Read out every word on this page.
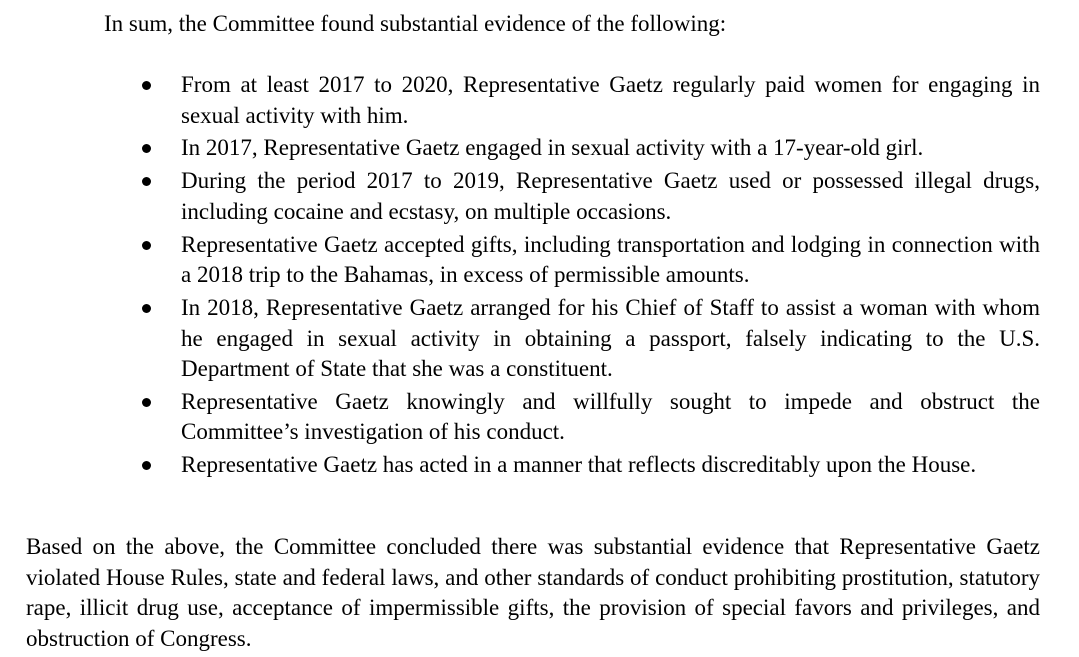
In sum, the Committee found substantial evidence of the following:

From at least 2017 to 2020, Representative Gaetz regularly paid women for engaging in sexual activity with him.
In 2017, Representative Gaetz engaged in sexual activity with a 17-year-old girl.
During the period 2017 to 2019, Representative Gaetz used or possessed illegal drugs, including cocaine and ecstasy, on multiple occasions.
Representative Gaetz accepted gifts, including transportation and lodging in connection with a 2018 trip to the Bahamas, in excess of permissible amounts.
In 2018, Representative Gaetz arranged for his Chief of Staff to assist a woman with whom he engaged in sexual activity in obtaining a passport, falsely indicating to the U.S. Department of State that she was a constituent.
Representative Gaetz knowingly and willfully sought to impede and obstruct the Committee’s investigation of his conduct.
Representative Gaetz has acted in a manner that reflects discreditably upon the House.

Based on the above, the Committee concluded there was substantial evidence that Representative Gaetz violated House Rules, state and federal laws, and other standards of conduct prohibiting prostitution, statutory rape, illicit drug use, acceptance of impermissible gifts, the provision of special favors and privileges, and obstruction of Congress.
